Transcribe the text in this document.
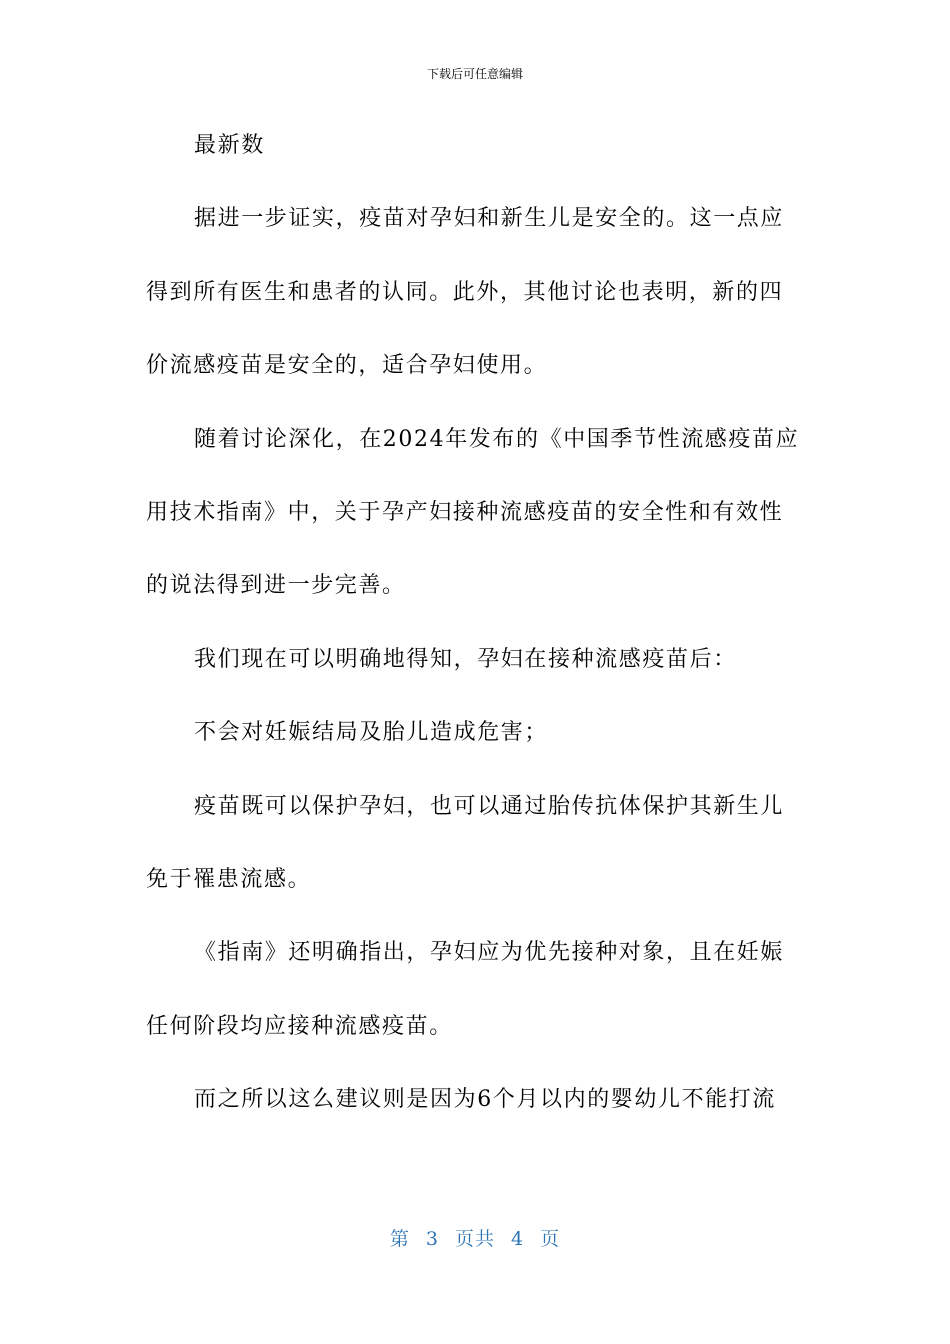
下载后可任意编辑
最新数
据进一步证实，疫苗对孕妇和新生儿是安全的。这一点应
得到所有医生和患者的认同。此外，其他讨论也表明，新的四
价流感疫苗是安全的，适合孕妇使用。
随着讨论深化，在2024年发布的《中国季节性流感疫苗应
用技术指南》中，关于孕产妇接种流感疫苗的安全性和有效性
的说法得到进一步完善。
我们现在可以明确地得知，孕妇在接种流感疫苗后：
不会对妊娠结局及胎儿造成危害；
疫苗既可以保护孕妇，也可以通过胎传抗体保护其新生儿
免于罹患流感。
《指南》还明确指出，孕妇应为优先接种对象，且在妊娠
任何阶段均应接种流感疫苗。
而之所以这么建议则是因为6个月以内的婴幼儿不能打流
第 3 页共 4 页
